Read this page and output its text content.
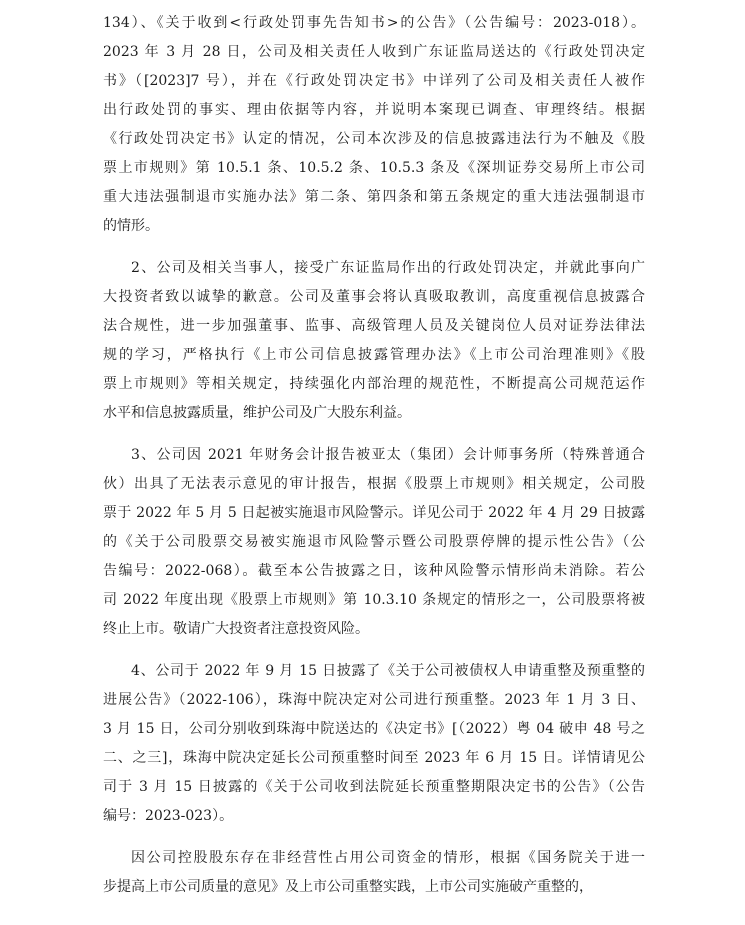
134）、《关于收到<行政处罚事先告知书>的公告》（公告编号：2023-018）。
2023 年 3 月 28 日，公司及相关责任人收到广东证监局送达的《行政处罚决定
书》（[2023]7 号），并在《行政处罚决定书》中详列了公司及相关责任人被作
出行政处罚的事实、理由依据等内容，并说明本案现已调查、审理终结。根据
《行政处罚决定书》认定的情况，公司本次涉及的信息披露违法行为不触及《股
票上市规则》第 10.5.1 条、10.5.2 条、10.5.3 条及《深圳证券交易所上市公司
重大违法强制退市实施办法》第二条、第四条和第五条规定的重大违法强制退市
的情形。
2、公司及相关当事人，接受广东证监局作出的行政处罚决定，并就此事向广
大投资者致以诚挚的歉意。公司及董事会将认真吸取教训，高度重视信息披露合
法合规性，进一步加强董事、监事、高级管理人员及关键岗位人员对证券法律法
规的学习，严格执行《上市公司信息披露管理办法》《上市公司治理准则》《股
票上市规则》等相关规定，持续强化内部治理的规范性，不断提高公司规范运作
水平和信息披露质量，维护公司及广大股东利益。
3、公司因 2021 年财务会计报告被亚太（集团）会计师事务所（特殊普通合
伙）出具了无法表示意见的审计报告，根据《股票上市规则》相关规定，公司股
票于 2022 年 5 月 5 日起被实施退市风险警示。详见公司于 2022 年 4 月 29 日披露
的《关于公司股票交易被实施退市风险警示暨公司股票停牌的提示性公告》（公
告编号：2022-068）。截至本公告披露之日，该种风险警示情形尚未消除。若公
司 2022 年度出现《股票上市规则》第 10.3.10 条规定的情形之一，公司股票将被
终止上市。敬请广大投资者注意投资风险。
4、公司于 2022 年 9 月 15 日披露了《关于公司被债权人申请重整及预重整的
进展公告》（2022-106），珠海中院决定对公司进行预重整。2023 年 1 月 3 日、
3 月 15 日，公司分别收到珠海中院送达的《决定书》[（2022）粤 04 破申 48 号之
二、之三]，珠海中院决定延长公司预重整时间至 2023 年 6 月 15 日。详情请见公
司于 3 月 15 日披露的《关于公司收到法院延长预重整期限决定书的公告》（公告
编号：2023-023）。
因公司控股股东存在非经营性占用公司资金的情形，根据《国务院关于进一
步提高上市公司质量的意见》及上市公司重整实践，上市公司实施破产重整的，
